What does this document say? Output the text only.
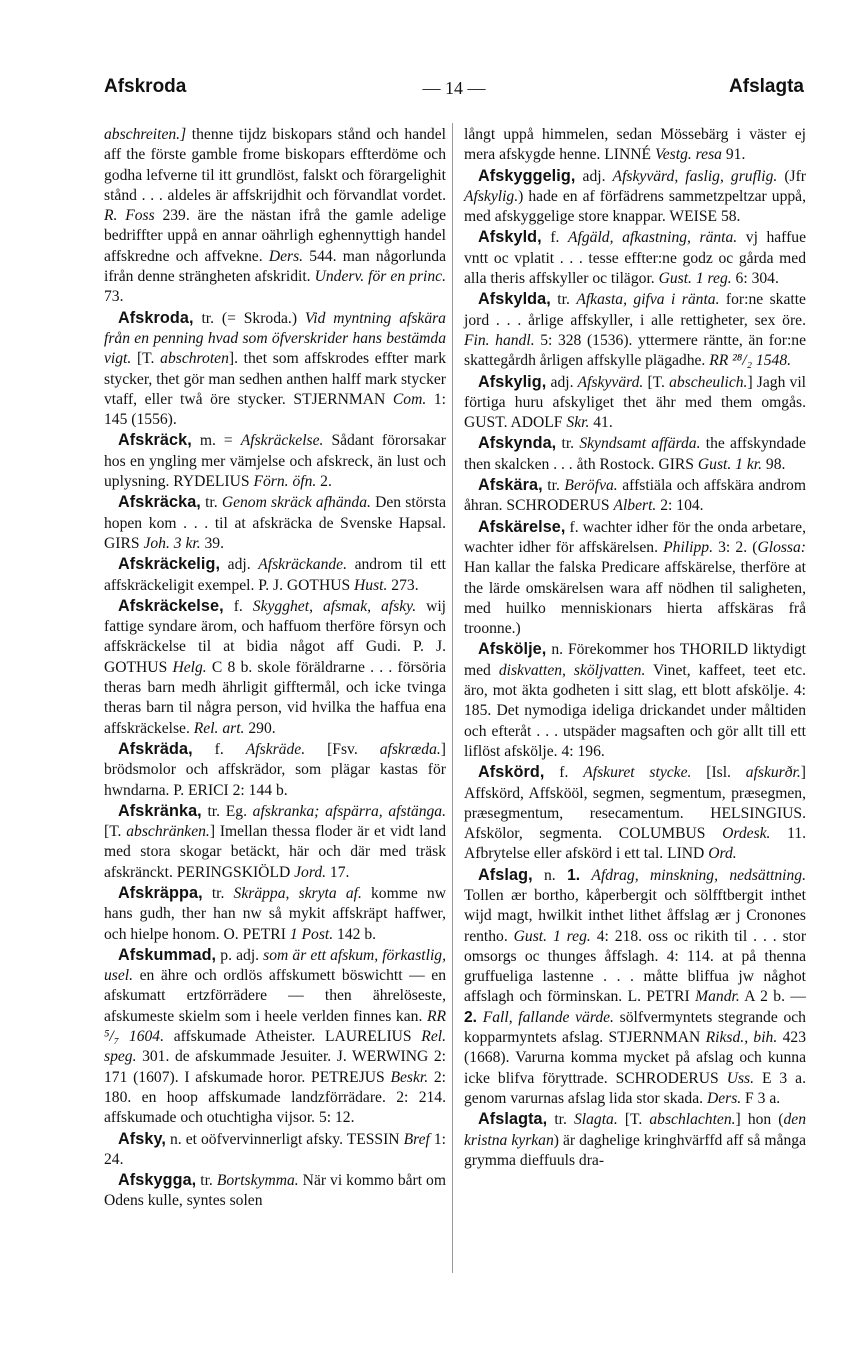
Afskroda	— 14 —	Afslagta

abschreiten.] thenne tijdz biskopars stånd och handel aff the förste gamble frome biskopars effterdöme och godha lefverne til itt grundlöst, falskt och förargelighit stånd . . . aldeles är affskrijdhit och förvandlat vordet. R. Foss 239. äre the nästan ifrå the gamle adelige bedriffter uppå en annar oährligh eghennyttigh handel affskredne och affvekne. Ders. 544. man någorlunda ifrån denne strängheten afskridit. Underv. för en princ. 73.

Afskroda, tr. (= Skroda.) Vid myntning afskära från en penning hvad som öfverskrider hans bestämda vigt. [T. abschroten]. thet som affskrodes effter mark stycker, thet gör man sedhen anthen halff mark stycker vtaff, eller twå öre stycker. STJERNMAN Com. 1: 145 (1556).

Afskräck, m. = Afskräckelse. Sådant förorsakar hos en yngling mer vämjelse och afskreck, än lust och uplysning. RYDELIUS Förn. öfn. 2.

Afskräcka, tr. Genom skräck afhända. Den största hopen kom . . . til at afskräcka de Svenske Hapsal. GIRS Joh. 3 kr. 39.

Afskräckelig, adj. Afskräckande. androm til ett affskräckeligit exempel. P. J. GOTHUS Hust. 273.

Afskräckelse, f. Skygghet, afsmak, afsky. wij fattige syndare ärom, och haffuom therföre försyn och affskräckelse til at bidia något aff Gudi. P. J. GOTHUS Helg. C 8 b. skole föräldrarne . . . försöria theras barn medh ährligit gifftermål, och icke tvinga theras barn til några person, vid hvilka the haffua ena affskräckelse. Rel. art. 290.

Afskräda, f. Afskräde. [Fsv. afskræda.] brödsmolor och affskrädor, som plägar kastas för hwndarna. P. ERICI 2: 144 b.

Afskränka, tr. Eg. afskranka; afspärra, afstänga. [T. abschränken.] Imellan thessa floder är et vidt land med stora skogar betäckt, här och där med träsk afskränckt. PERINGSKIÖLD Jord. 17.

Afskräppa, tr. Skräppa, skryta af. komme nw hans gudh, ther han nw så mykit affskräpt haffwer, och hielpe honom. O. PETRI 1 Post. 142 b.

Afskummad, p. adj. som är ett afskum, förkastlig, usel. en ähre och ordlös affskumett böswichtt — en afskumatt ertzförrädere — then ährelöseste, afskumeste skielm som i heele verlden finnes kan. RR ⁵/₇ 1604. affskumade Atheister. LAURELIUS Rel. speg. 301. de afskummade Jesuiter. J. WERWING 2: 171 (1607). I afskumade horor. PETREJUS Beskr. 2: 180. en hoop affskumade landzförrädare. 2: 214. affskumade och otuchtigha vijsor. 5: 12.

Afsky, n. et oöfvervinnerligt afsky. TESSIN Bref 1: 24.

Afskygga, tr. Bortskymma. När vi kommo bårt om Odens kulle, syntes solen

långt uppå himmelen, sedan Mössebärg i väster ej mera afskygde henne. LINNÉ Vestg. resa 91.

Afskyggelig, adj. Afskyvärd, faslig, gruflig. (Jfr Afskylig.) hade en af förfädrens sammetzpeltzar uppå, med afskyggelige store knappar. WEISE 58.

Afskyld, f. Afgäld, afkastning, ränta. vj haffue vntt oc vplatit . . . tesse effter:ne godz oc gårda med alla theris affskyller oc tilägor. Gust. 1 reg. 6: 304.

Afskylda, tr. Afkasta, gifva i ränta. for:ne skatte jord . . . årlige affskyller, i alle rettigheter, sex öre. Fin. handl. 5: 328 (1536). yttermere räntte, än for:ne skattegårdh årligen affskylle plägadhe. RR ²⁸/₂ 1548.

Afskylig, adj. Afskyvärd. [T. abscheulich.] Jagh vil förtiga huru afskyliget thet ähr med them omgås. GUST. ADOLF Skr. 41.

Afskynda, tr. Skyndsamt affärda. the affskyndade then skalcken . . . åth Rostock. GIRS Gust. 1 kr. 98.

Afskära, tr. Beröfva. affstiäla och affskära androm åhran. SCHRODERUS Albert. 2: 104.

Afskärelse, f. wachter idher för the onda arbetare, wachter idher för affskärelsen. Philipp. 3: 2. (Glossa: Han kallar the falska Predicare affskärelse, therföre at the lärde omskärelsen wara aff nödhen til saligheten, med huilko menniskionars hierta affskäras frå troonne.)

Afskölje, n. Förekommer hos THORILD liktydigt med diskvatten, sköljvatten. Vinet, kaffeet, teet etc. äro, mot äkta godheten i sitt slag, ett blott afskölje. 4: 185. Det nymodiga ideliga drickandet under måltiden och efteråt . . . utspäder magsaften och gör allt till ett liflöst afskölje. 4: 196.

Afskörd, f. Afskuret stycke. [Isl. afskurðr.] Affskörd, Affskööl, segmen, segmentum, præsegmen, præsegmentum, resecamentum. HELSINGIUS. Afskölor, segmenta. COLUMBUS Ordesk. 11. Afbrytelse eller afskörd i ett tal. LIND Ord.

Afslag, n. 1. Afdrag, minskning, nedsättning. Tollen ær bortho, kåperbergit och sölfftbergit inthet wijd magt, hwilkit inthet lithet åffslag ær j Cronones rentho. Gust. 1 reg. 4: 218. oss oc rikith til . . . stor omsorgs oc thunges åffslagh. 4: 114. at på thenna gruffueliga lastenne . . . måtte bliffua jw någhot affslagh och förminskan. L. PETRI Mandr. A 2 b. — 2. Fall, fallande värde. sölfvermyntets stegrande och kopparmyntets afslag. STJERNMAN Riksd., bih. 423 (1668). Varurna komma mycket på afslag och kunna icke blifva föryttrade. SCHRODERUS Uss. E 3 a. genom varurnas afslag lida stor skada. Ders. F 3 a.

Afslagta, tr. Slagta. [T. abschlachten.] hon (den kristna kyrkan) är daghelige kringhvärffd aff så många grymma dieffuuls dra-
